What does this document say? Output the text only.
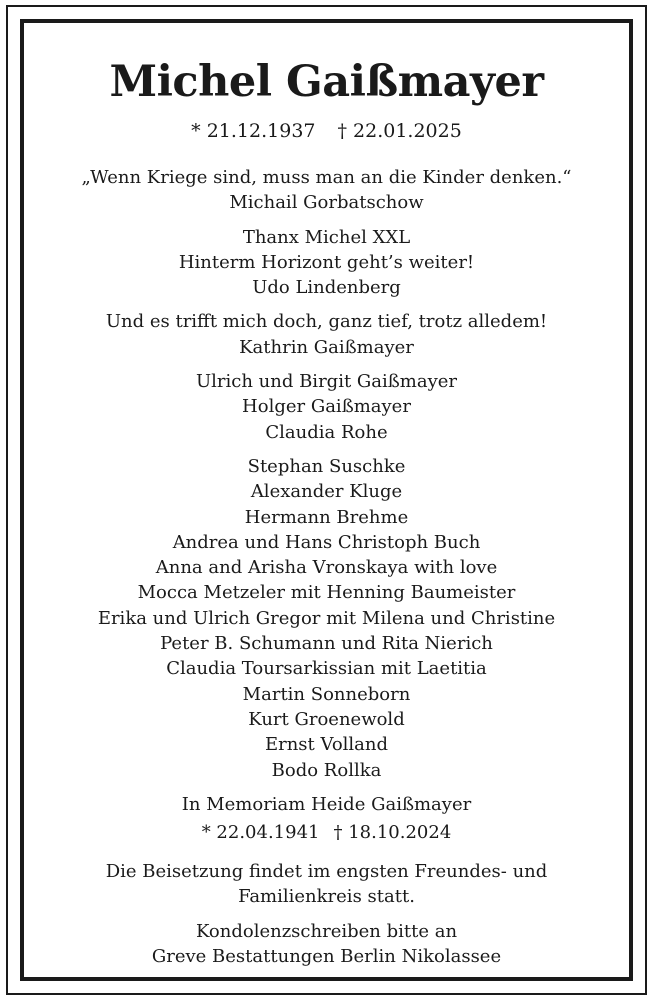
Michel Gaißmayer
* 21.12.1937 † 22.01.2025
„Wenn Kriege sind, muss man an die Kinder denken.“
Michail Gorbatschow
Thanx Michel XXL
Hinterm Horizont geht’s weiter!
Udo Lindenberg
Und es trifft mich doch, ganz tief, trotz alledem!
Kathrin Gaißmayer
Ulrich und Birgit Gaißmayer
Holger Gaißmayer
Claudia Rohe
Stephan Suschke
Alexander Kluge
Hermann Brehme
Andrea und Hans Christoph Buch
Anna and Arisha Vronskaya with love
Mocca Metzeler mit Henning Baumeister
Erika und Ulrich Gregor mit Milena und Christine
Peter B. Schumann und Rita Nierich
Claudia Toursarkissian mit Laetitia
Martin Sonneborn
Kurt Groenewold
Ernst Volland
Bodo Rollka
In Memoriam Heide Gaißmayer
* 22.04.1941 † 18.10.2024
Die Beisetzung findet im engsten Freundes- und
Familienkreis statt.
Kondolenzschreiben bitte an
Greve Bestattungen Berlin Nikolassee
